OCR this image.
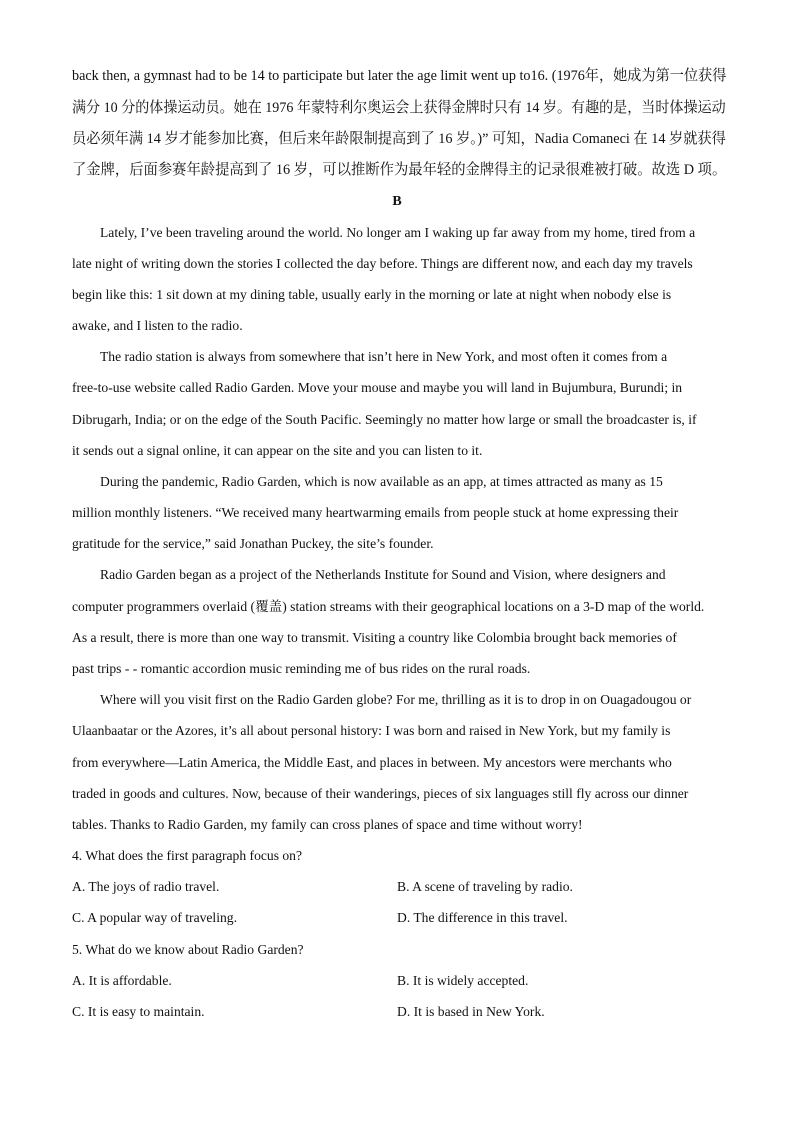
back then, a gymnast had to be 14 to participate but later the age limit went up to16. (1976年，她成为第一位获得
满分 10 分的体操运动员。她在 1976 年蒙特利尔奥运会上获得金牌时只有 14 岁。有趣的是，当时体操运动
员必须年满 14 岁才能参加比赛，但后来年龄限制提高到了 16 岁。)” 可知，Nadia Comaneci 在 14 岁就获得
了金牌，后面参赛年龄提高到了 16 岁，可以推断作为最年轻的金牌得主的记录很难被打破。故选 D 项。
B
Lately, I’ve been traveling around the world. No longer am I waking up far away from my home, tired from a
late night of writing down the stories I collected the day before. Things are different now, and each day my travels
begin like this: 1 sit down at my dining table, usually early in the morning or late at night when nobody else is
awake, and I listen to the radio.
The radio station is always from somewhere that isn’t here in New York, and most often it comes from a
free-to-use website called Radio Garden. Move your mouse and maybe you will land in Bujumbura, Burundi; in
Dibrugarh, India; or on the edge of the South Pacific. Seemingly no matter how large or small the broadcaster is, if
it sends out a signal online, it can appear on the site and you can listen to it.
During the pandemic, Radio Garden, which is now available as an app, at times attracted as many as 15
million monthly listeners. “We received many heartwarming emails from people stuck at home expressing their
gratitude for the service,” said Jonathan Puckey, the site’s founder.
Radio Garden began as a project of the Netherlands Institute for Sound and Vision, where designers and
computer programmers overlaid (覆盖) station streams with their geographical locations on a 3-D map of the world.
As a result, there is more than one way to transmit. Visiting a country like Colombia brought back memories of
past trips - - romantic accordion music reminding me of bus rides on the rural roads.
Where will you visit first on the Radio Garden globe? For me, thrilling as it is to drop in on Ouagadougou or
Ulaanbaatar or the Azores, it’s all about personal history: I was born and raised in New York, but my family is
from everywhere—Latin America, the Middle East, and places in between. My ancestors were merchants who
traded in goods and cultures. Now, because of their wanderings, pieces of six languages still fly across our dinner
tables. Thanks to Radio Garden, my family can cross planes of space and time without worry!
4. What does the first paragraph focus on?
A. The joys of radio travel.	B. A scene of traveling by radio.
C. A popular way of traveling.	D. The difference in this travel.
5. What do we know about Radio Garden?
A. It is affordable.	B. It is widely accepted.
C. It is easy to maintain.	D. It is based in New York.
